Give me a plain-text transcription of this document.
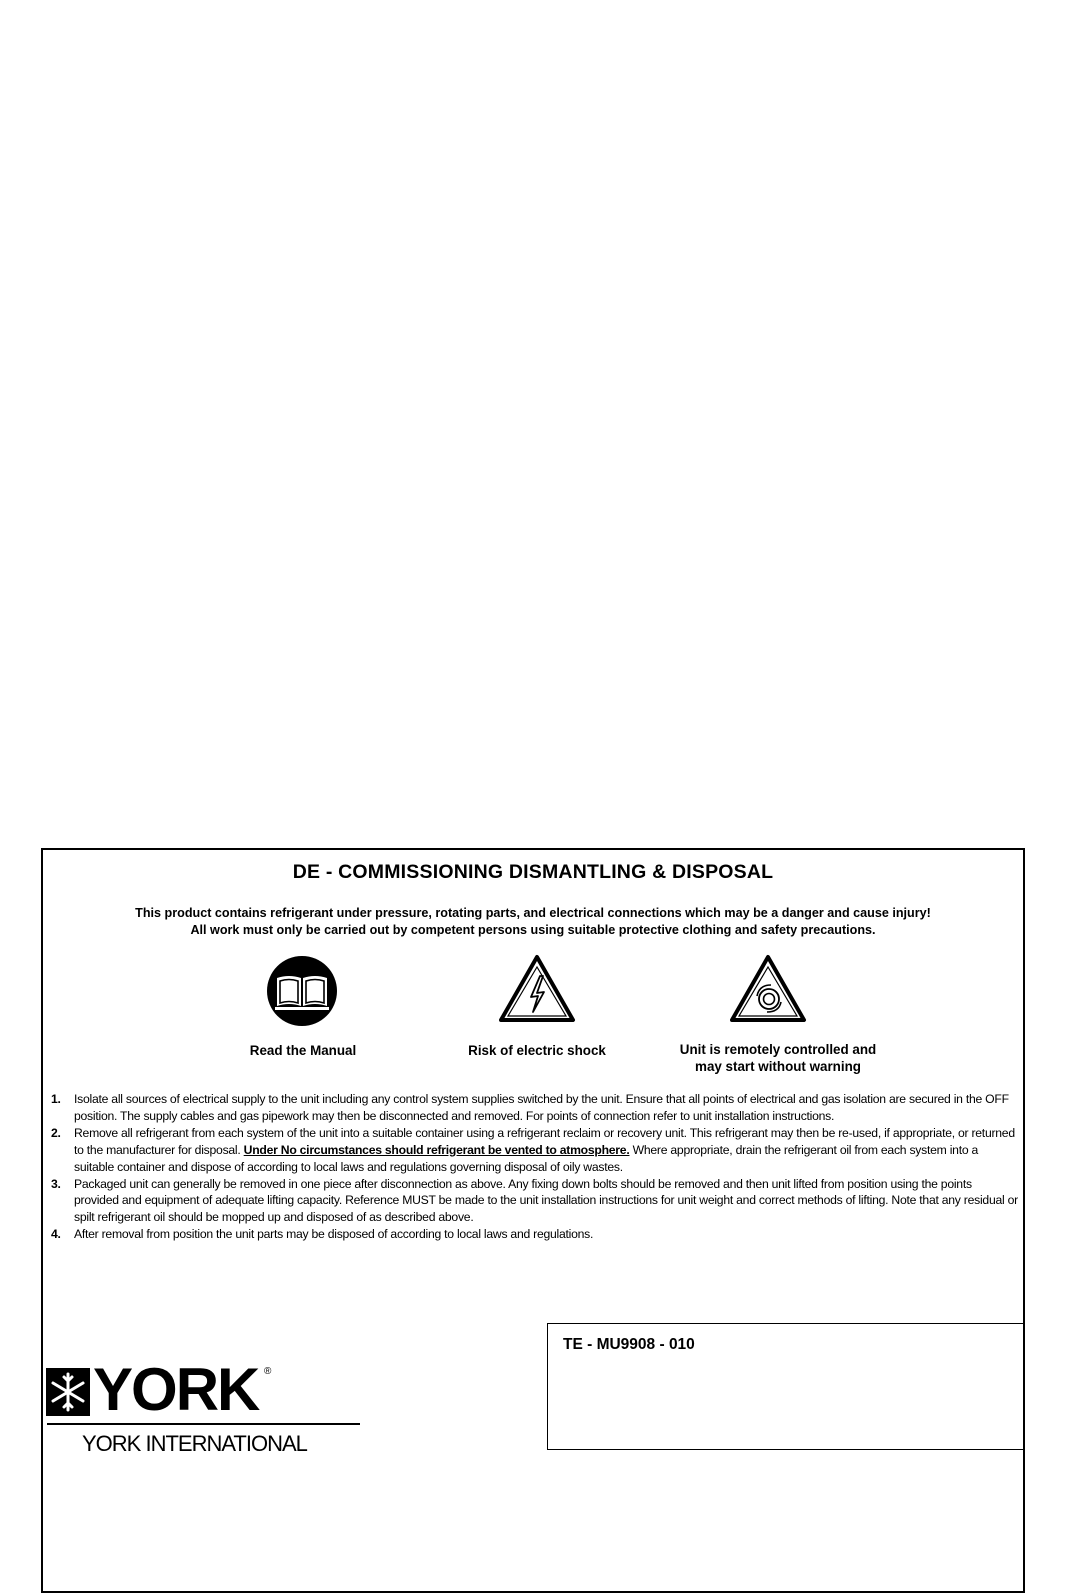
DE - COMMISSIONING DISMANTLING & DISPOSAL
This product contains refrigerant under pressure, rotating parts, and electrical connections which may be a danger and cause injury!
All work must only be carried out by competent persons using suitable protective clothing and safety precautions.
Read the Manual	Risk of electric shock	Unit is remotely controlled and
may start without warning
1. Isolate all sources of electrical supply to the unit including any control system supplies switched by the unit. Ensure that all points of electrical and gas isolation are secured in the OFF position. The supply cables and gas pipework may then be disconnected and removed. For points of connection refer to unit installation instructions.
2. Remove all refrigerant from each system of the unit into a suitable container using a refrigerant reclaim or recovery unit. This refrigerant may then be re-used, if appropriate, or returned to the manufacturer for disposal. Under No circumstances should refrigerant be vented to atmosphere. Where appropriate, drain the refrigerant oil from each system into a suitable container and dispose of according to local laws and regulations governing disposal of oily wastes.
3. Packaged unit can generally be removed in one piece after disconnection as above. Any fixing down bolts should be removed and then unit lifted from position using the points provided and equipment of adequate lifting capacity. Reference MUST be made to the unit installation instructions for unit weight and correct methods of lifting. Note that any residual or spilt refrigerant oil should be mopped up and disposed of as described above.
4. After removal from position the unit parts may be disposed of according to local laws and regulations.
YORK ®
YORK INTERNATIONAL
TE - MU9908 - 010
